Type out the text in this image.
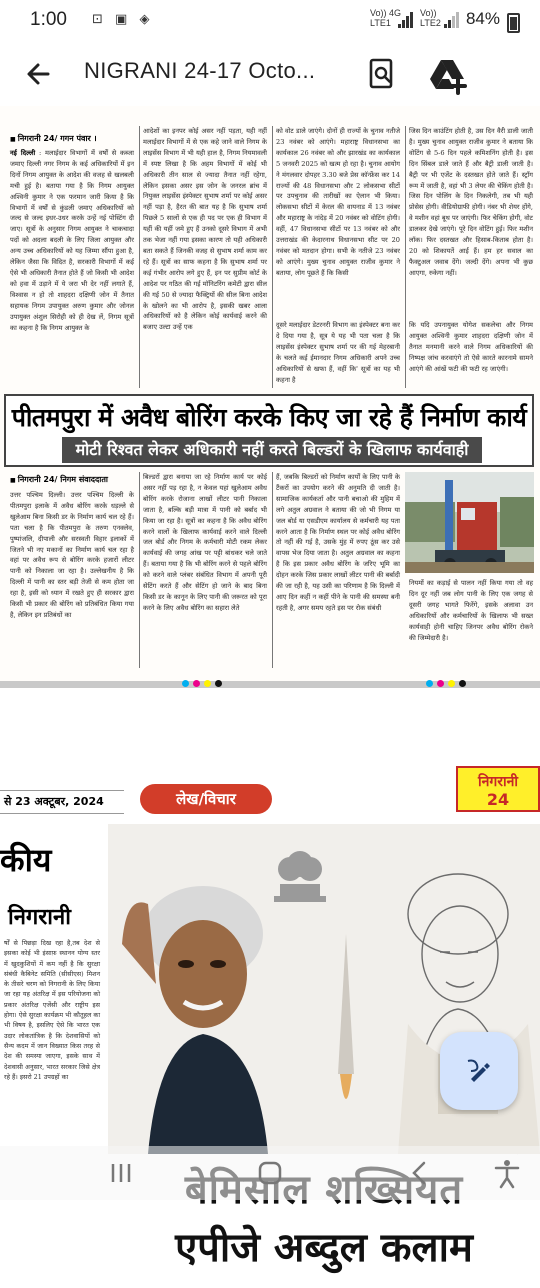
1:00 ⊡ ▣ ◈	Vo)) 4G
LTE1
Vo))
LTE2 84%
NIGRANI 24-17 Octo...
■ निगरानी 24/ गगन पंवार ।

नई दिल्ली : मलाईदार विभागों में वर्षों से कब्जा जमाए दिल्ली नगर निगम के कई अधिकारियों में इन दिनों निगम आयुक्त के आदेश की वजह से खलबली मची हुई है। बताया गया है कि निगम आयुक्त अश्विनी कुमार ने एक फरमान जारी किया है कि विभागों में वर्षों से कुंडली जमाए अधिकारियों को जल्द से जल्द इधर-उधर करके उन्हें नई पोस्टिंग दी जाए। सूत्रों के अनुसार निगम आयुक्त ने चाकचादा पदों को अदला बदली के लिए जिला आयुक्त और अन्य उच्च अधिकारियों को यह जिम्मा सौंपा हुआ है, लेकिन जैसा कि विदित है, सरकारी विभागों में कई ऐसे भी अधिकारी तैनात होते हैं जो किसी भी आदेश को हवा में उड़ाने में ये जरा भी देर नहीं लगाते हैं, विश्वास न हो तो शाहदरा दक्षिणी जोन में तैनात सहायक निगम उपायुक्त अरुण कुमार और जोनल उपायुक्त अंशुल सिरोही को ही देख लें, निगम सूत्रों का कहना है कि निगम आयुक्त के

आदेशों का इनपर कोई असर नहीं पड़ता, यही नहीं मलाईदार विभागों में से एक कहे जाने वाले निगम के लाइसेंस विभाग में भी यही हाल है, निगम नियमावली में स्पष्ट लिखा है कि अहम विभागों में कोई भी अधिकारी तीन साल से ज्यादा तैनात नहीं रहेगा, लेकिन इसका असर इस जोन के जनरल ब्रांच में नियुक्त लाइसेंस इंस्पेक्टर सुभाष शर्मा पर कोई असर नहीं पड़ा है, हैरत की बात यह है कि सुभाष शर्मा पिछले 5 सालों से एक ही पद पर एक ही विभाग में यहीं की यहीं जमे हुए हैं उनको दूसरे विभाग में अभी तक भेजा नहीं गया इसका कारण तो यही अधिकारी बता सकते हैं जिनकी वजह से सुभाष शर्मा काम कर रहे हैं। सूत्रों का साफ कहना है कि सुभाष शर्मा पर कई गंभीर आरोप लगे हुए हैं, इन पर सुप्रीम कोर्ट के आदेश पर गठित की गई मॉनिटरिंग कमेटी द्वारा सील की गई 50 से ज्यादा फैक्ट्रियों की सील बिना आदेश के खोलने का भी आरोप है, इसकी खबर आला अधिकारियों को है लेकिन कोई कार्यवाई करने की बजाए उल्टा उन्हें एक
को वोट डाले जाएंगे। दोनों ही राज्यों के चुनाव नतीजे 23 नवंबर को आएंगे। महाराष्ट्र विधानसभा का कार्यकाल 26 नवंबर को और झारखंड का कार्यकाल 5 जनवरी 2025 को खत्म हो रहा है। चुनाव आयोग ने मंगलवार दोपहर 3.30 बजे प्रेस कॉन्फ्रेंस कर 14 राज्यों की 48 विधानसभा और 2 लोकसभा सीटों पर उपचुनाव की तारीखों का ऐलान भी किया। लोकसभा सीटों में केरल की वायनाड में 13 नवंबर और महाराष्ट्र के नांदेड़ में 20 नवंबर को वोटिंग होगी। वहीं, 47 विधानसभा सीटों पर 13 नवंबर को और उत्तराखंड की केदारनाथ विधानसभा सीट पर 20 नवंबर को मतदान होगा। सभी के नतीजे 23 नवंबर को आएंगे। मुख्य चुनाव आयुक्त राजीव कुमार ने बताया, लोग पूछते हैं कि किसी
जिस दिन काउंटिंग होती है, उस दिन वैरी डाली जाती है। मुख्य चुनाव आयुक्त राजीव कुमार ने बताया कि वोटिंग से 5-6 दिन पहले कमिशनिंग होती है। इस दिन सिंबल डाले जाते हैं और बैट्री डाली जाती है। बैट्री पर भी एजेंट के दस्तखत होते जाते हैं। स्ट्रॉंग रूम में जाती है, वहां भी 3 लेयर की चेकिंग होती है। जिस दिन पोलिंग के दिन निकलेगी, तब भी यही प्रोसेस होगी। वीडियोग्राफी होगी। नंबर भी शेयर होंगे, वे मशीन वहां बूथ पर जाएंगी। फिर चेकिंग होगी, वोट डालकर देखे जाएंगे। पूरे दिन वोटिंग हुई। फिर मशीन लॉक। फिर दस्तखत और हिसाब-किताब होता है। 20 को शिकायतें आईं हैं। हम हर सवाल का फैक्टुअल जवाब देंगे। जल्दी देंगे। अपना भी कुछ आएगा, रुकेगा नहीं।
दूसरे मलाईदार डेटरनरी विभाग का इंस्पेक्टर बना कर दे दिया गया है, सूत्र ये यह भी पता चला है कि लाइसेंस इंस्पेक्टर सुभाष शर्मा पर की गई मेहरबानी के चलते कई ईमानदार निगम अधिकारी अपने उच्च अधिकारियों से खफा हैं, वहीं कि' सूत्रों का यह भी कहना है
कि यदि उपनायुक्त योगेश सकलेचा और निगम आयुक्त अश्विनी कुमार शाहदरा दक्षिणी जोन में तैनात मनमानी करने वाले निगम अधिकारियों की निष्पक्ष जांच करवाएंगे तो ऐसे कारते कारनामे सामने आएंगे की आंखें फटी की फटी रह जाएंगी।
पीतमपुरा में अवैध बोरिंग करके किए जा रहे हैं निर्माण कार्य
मोटी रिश्वत लेकर अधिकारी नहीं करते बिल्डरों के खिलाफ कार्यवाही
■ निगरानी 24/ निगम संवाददाता
उत्तर पश्चिम दिल्ली। उत्तर पश्चिम दिल्ली के पीतमपुरा इलाके में अवैध बोरिंग करके धड़ल्ले से खुलेआम बिना किसी डर के निर्माण कार्य चल रहे हैं। पता चला है कि पीतमपुरा के तरुण एनक्लेव, पुष्पांजलि, दीपाली और सरस्वती विहार इलाकों में जितने भी नए मकानों का निर्माण कार्य चल रहा है वहां पर अवैध रूप से बोरिंग करके हजारों लीटर पानी को निकाला जा रहा है। उल्लेखनीय है कि दिल्ली में पानी का स्तर बड़ी तेजी से कम होता जा रहा है, इसी को ध्यान में रखते हुए ही सरकार द्वारा किसी भी प्रकार की बोरिंग को प्रतिबंधित किया गया है, लेकिन इन प्रतिबंधों का
बिल्डरों द्वारा बनाया जा रहे निर्माण कार्य पर कोई असर नहीं पड़ रहा है, न केवल यहां खुलेआम अवैध बोरिंग करके रोजाना लाखों लीटर पानी निकाला जाता है, बल्कि बड़ी मात्रा में पानी को बर्बाद भी किया जा रहा है। सूत्रों का कहना है कि अवैध बोरिंग करने वालों के खिलाफ कार्यवाई करने वाले दिल्ली जल बोर्ड और निगम के कर्मचारी मोटी रकम लेकर कार्यवाई की जगह आंख पर पट्टी बांधकर चले जाते हैं। बताया गया है कि भी बोरिंग करने से पहले बोरिंग को करने वाले प्लंबर संबंधित विभाग में अपनी पूरी सेटिंग करते हैं और सेटिंग हो जाने के बाद बिना किसी डर के कानून के लिए पानी की जरूरत को पूरा करने के लिए अवैध बोरिंग का सहारा लेते
हैं, जबकि बिल्डरों को निर्माण कार्यों के लिए पानी के टैंकरों का उपयोग करने की अनुमति दी जाती है। सामाजिक कार्यकर्ता और पानी बचाओ की मुहिम में लगे अतुल अग्रवाल ने बताया की जो भी निगम या जल बोर्ड या एसडीएम कार्यालय से कर्मचारी यह पता करने आता है कि निर्माण स्थल पर कोई अवैध बोरिंग तो नहीं की गई है, उसके मुंह में रुपए ठूंस कर उसे वापस भेज दिया जाता है। अतुल अग्रवाल का कहना है कि इस प्रकार अवैध बोरिंग के जरिए भूमि का दोहन करके जिस प्रकार लाखों लीटर पानी की बर्बादी की जा रही है, यह उसी का परिणाम है कि दिल्ली में आए दिन कहीं न कहीं पीने के पानी की समस्या बनी रहती है, अगर समय रहते इस पर रोक संबंधी
नियमों का कड़ाई से पालन नहीं किया गया तो वह दिन दूर नहीं जब लोग पानी के लिए एक जगह से दूसरी जगह भागते फिरेंगे, इसके अलावा उन अधिकारियों और कर्मचारियों के खिलाफ भी सख्त कार्यवाही होनी चाहिए जिनपर अवैध बोरिंग रोकने की जिम्मेदारी है।
से 23 अक्टूबर, 2024	लेख/विचार
निगरानी
24
कीय
निगरानी
र्षों से पिछड़ा दिख रहा है,तब देश से इसका कोई भी इंसाफ़ स्थानन योग्य स्तर में खुदकुशियों में कम नहीं है कि सुरक्षा संबंधी कैबिनेट समिति (सीसीएस) मिशन के तीसरे चरण को निगरानी के लिए किया जा रहा यह अंतरिक्ष में इस परियोजना को प्रकार अंतरिक्ष एजेंसी और राष्ट्रीय इस होगा। ऐसे सुरक्षा कार्यक्रम भी कौतूहल का भी विषय है, इसलिए ऐसे कि भारत एक उदार लोकतांत्रिक है कि देशवासियों को सैन्य कदम में जान विख्यात किस तरह से देश की समस्या जाएगा, इसके साथ में देशवासी अनुसार, भारत सरकार जिसे क्षेत्र रहे हैं। इसरो 21 उपग्रहों का
एपीजे अब्दुल कलाम
